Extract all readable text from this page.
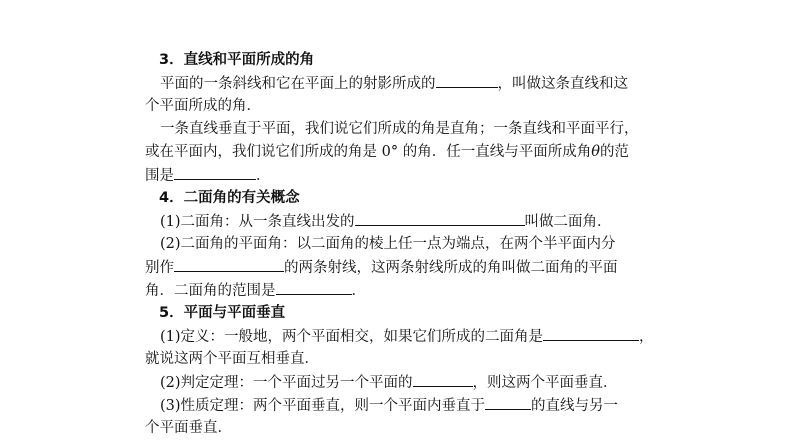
3．直线和平面所成的角
平面的一条斜线和它在平面上的射影所成的	，叫做这条直线和这
个平面所成的角．
一条直线垂直于平面，我们说它们所成的角是直角；一条直线和平面平行，
或在平面内，我们说它们所成的角是 0° 的角．任一直线与平面所成角θ的范
围是	．
4．二面角的有关概念
(1)二面角：从一条直线出发的	叫做二面角．
(2)二面角的平面角：以二面角的棱上任一点为端点，在两个半平面内分
别作	的两条射线，这两条射线所成的角叫做二面角的平面
角．二面角的范围是	．
5．平面与平面垂直
(1)定义：一般地，两个平面相交，如果它们所成的二面角是	，
就说这两个平面互相垂直．
(2)判定定理：一个平面过另一个平面的	，则这两个平面垂直．
(3)性质定理：两个平面垂直，则一个平面内垂直于	的直线与另一
个平面垂直．
